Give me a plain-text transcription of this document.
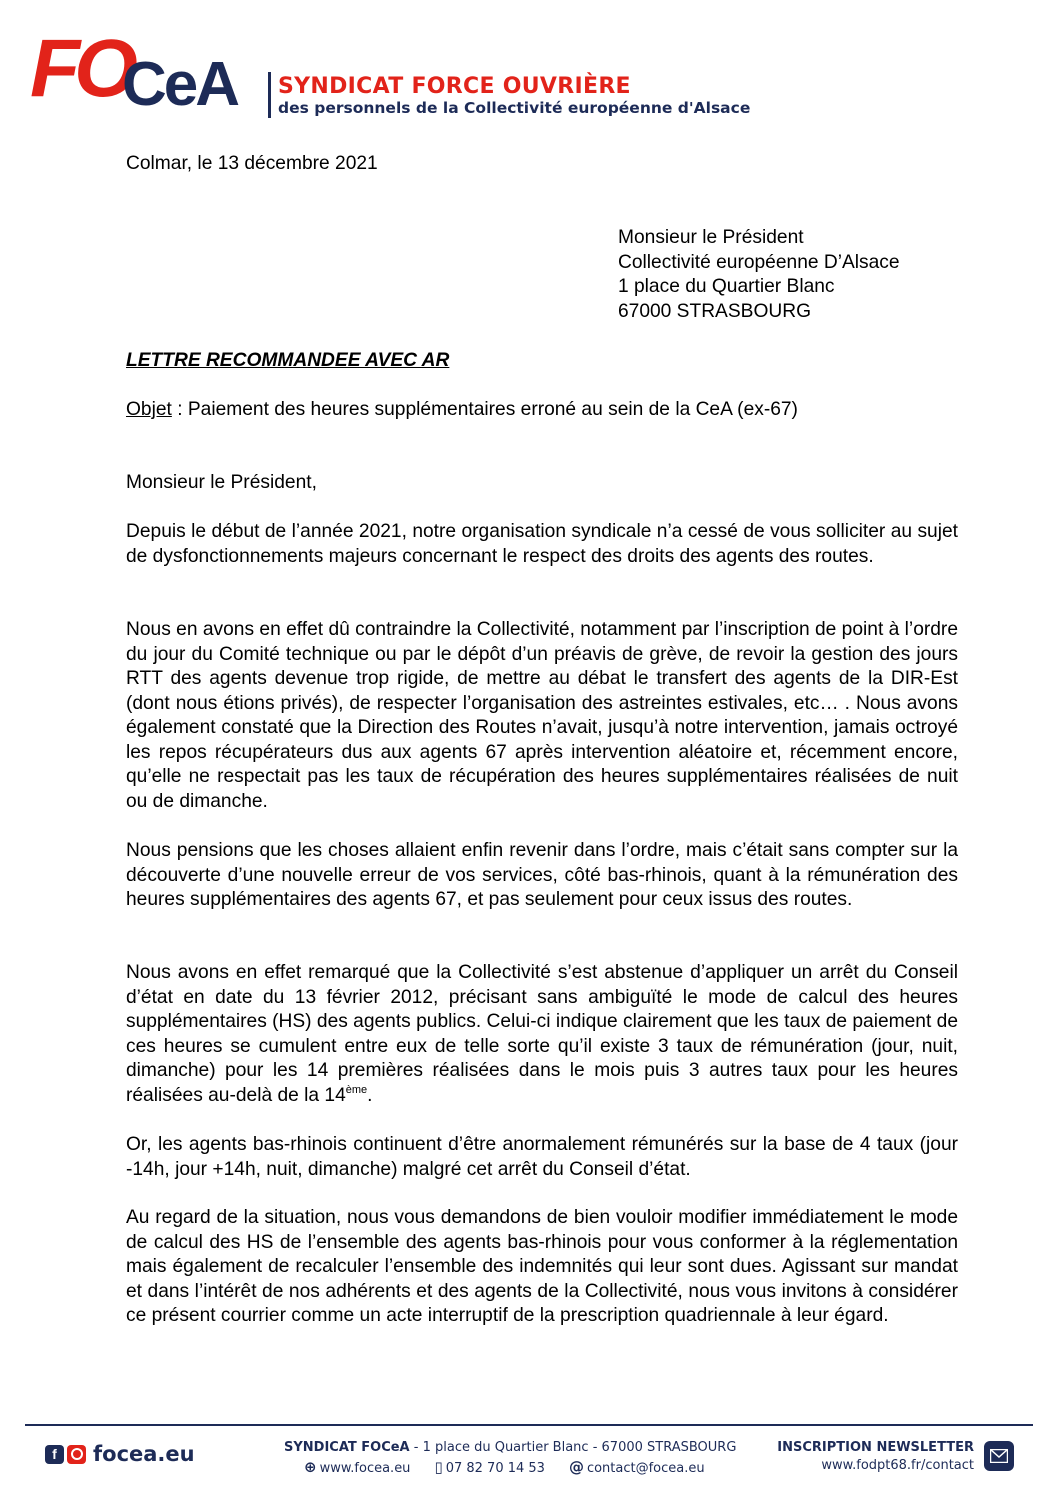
FO
CeA SYNDICAT FORCE OUVRIÈRE
des personnels de la Collectivité européenne d'Alsace
Colmar, le 13 décembre 2021
Monsieur le Président
Collectivité européenne D’Alsace
1 place du Quartier Blanc
67000 STRASBOURG
LETTRE RECOMMANDEE AVEC AR
Objet : Paiement des heures supplémentaires erroné au sein de la CeA (ex-67)
Monsieur le Président,

Depuis le début de l’année 2021, notre organisation syndicale n’a cessé de vous solliciter au sujet de dysfonctionnements majeurs concernant le respect des droits des agents des routes.

Nous en avons en effet dû contraindre la Collectivité, notamment par l’inscription de point à l’ordre du jour du Comité technique ou par le dépôt d’un préavis de grève, de revoir la gestion des jours RTT des agents devenue trop rigide, de mettre au débat le transfert des agents de la DIR-Est (dont nous étions privés), de respecter l’organisation des astreintes estivales, etc… . Nous avons également constaté que la Direction des Routes n’avait, jusqu’à notre intervention, jamais octroyé les repos récupérateurs dus aux agents 67 après intervention aléatoire et, récemment encore, qu’elle ne respectait pas les taux de récupération des heures supplémentaires réalisées de nuit ou de dimanche.

Nous pensions que les choses allaient enfin revenir dans l’ordre, mais c’était sans compter sur la découverte d’une nouvelle erreur de vos services, côté bas-rhinois, quant à la rémunération des heures supplémentaires des agents 67, et pas seulement pour ceux issus des routes.

Nous avons en effet remarqué que la Collectivité s’est abstenue d’appliquer un arrêt du Conseil d’état en date du 13 février 2012, précisant sans ambiguïté le mode de calcul des heures supplémentaires (HS) des agents publics. Celui-ci indique clairement que les taux de paiement de ces heures se cumulent entre eux de telle sorte qu’il existe 3 taux de rémunération (jour, nuit, dimanche) pour les 14 premières réalisées dans le mois puis 3 autres taux pour les heures réalisées au-delà de la 14ème.

Or, les agents bas-rhinois continuent d’être anormalement rémunérés sur la base de 4 taux (jour -14h, jour +14h, nuit, dimanche) malgré cet arrêt du Conseil d’état.

Au regard de la situation, nous vous demandons de bien vouloir modifier immédiatement le mode de calcul des HS de l’ensemble des agents bas-rhinois pour vous conformer à la réglementation mais également de recalculer l’ensemble des indemnités qui leur sont dues. Agissant sur mandat et dans l’intérêt de nos adhérents et des agents de la Collectivité, nous vous invitons à considérer ce présent courrier comme un acte interruptif de la prescription quadriennale à leur égard.

f	focea.eu	SYNDICAT FOCeA - 1 place du Quartier Blanc - 67000 STRASBOURG
⊕ www.focea.eu ▯ 07 82 70 14 53 @ contact@focea.eu
INSCRIPTION NEWSLETTER
www.fodpt68.fr/contact
